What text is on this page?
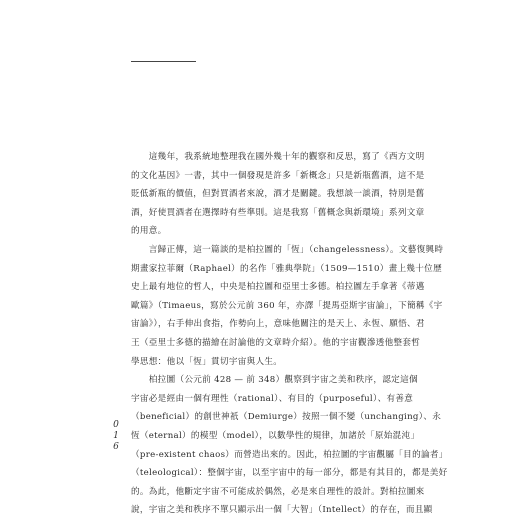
　　這幾年，我系統地整理我在國外幾十年的觀察和反思，寫了《西方文明
的文化基因》一書，其中一個發現是許多「新概念」只是新瓶舊酒，這不是
貶低新瓶的價值，但對買酒者來說，酒才是關鍵。我想談一談酒，特別是舊
酒，好使買酒者在選擇時有些準則。這是我寫「舊概念與新環境」系列文章
的用意。
　　言歸正傳，這一篇談的是柏拉圖的「恆」（changelessness）。文藝復興時
期畫家拉菲爾（Raphael）的名作「雅典學院」（1509—1510）畫上幾十位歷
史上最有地位的哲人，中央是柏拉圖和亞里士多德。柏拉圖左手拿著《蒂邁
歐篇》（Timaeus，寫於公元前 360 年，亦譯「提馬亞斯宇宙論」，下簡稱《宇
宙論》），右手伸出食指，作勢向上，意味他關注的是天上、永恆、願悟、君
王（亞里士多德的描繪在討論他的文章時介紹）。他的宇宙觀滲透他整套哲
學思想：他以「恆」貫切宇宙與人生。
　　柏拉圖（公元前 428 — 前 348）觀察到宇宙之美和秩序，認定這個
宇宙必是經由一個有理性（rational）、有目的（purposeful）、有善意
（beneficial）的創世神祇（Demiurge）按照一個不變（unchanging）、永
恆（eternal）的模型（model），以數學性的規律，加諸於「原始混沌」
（pre-existent chaos）而營造出來的。因此，柏拉圖的宇宙觀屬「目的論者」
（teleological）：整個宇宙，以至宇宙中的每一部分，都是有其目的，都是美好
的。為此，他斷定宇宙不可能成於偶然，必是來自理性的設計。對柏拉圖來
說，宇宙之美和秩序不單只顯示出一個「大智」（Intellect）的存在，而且顯
0
1
6
